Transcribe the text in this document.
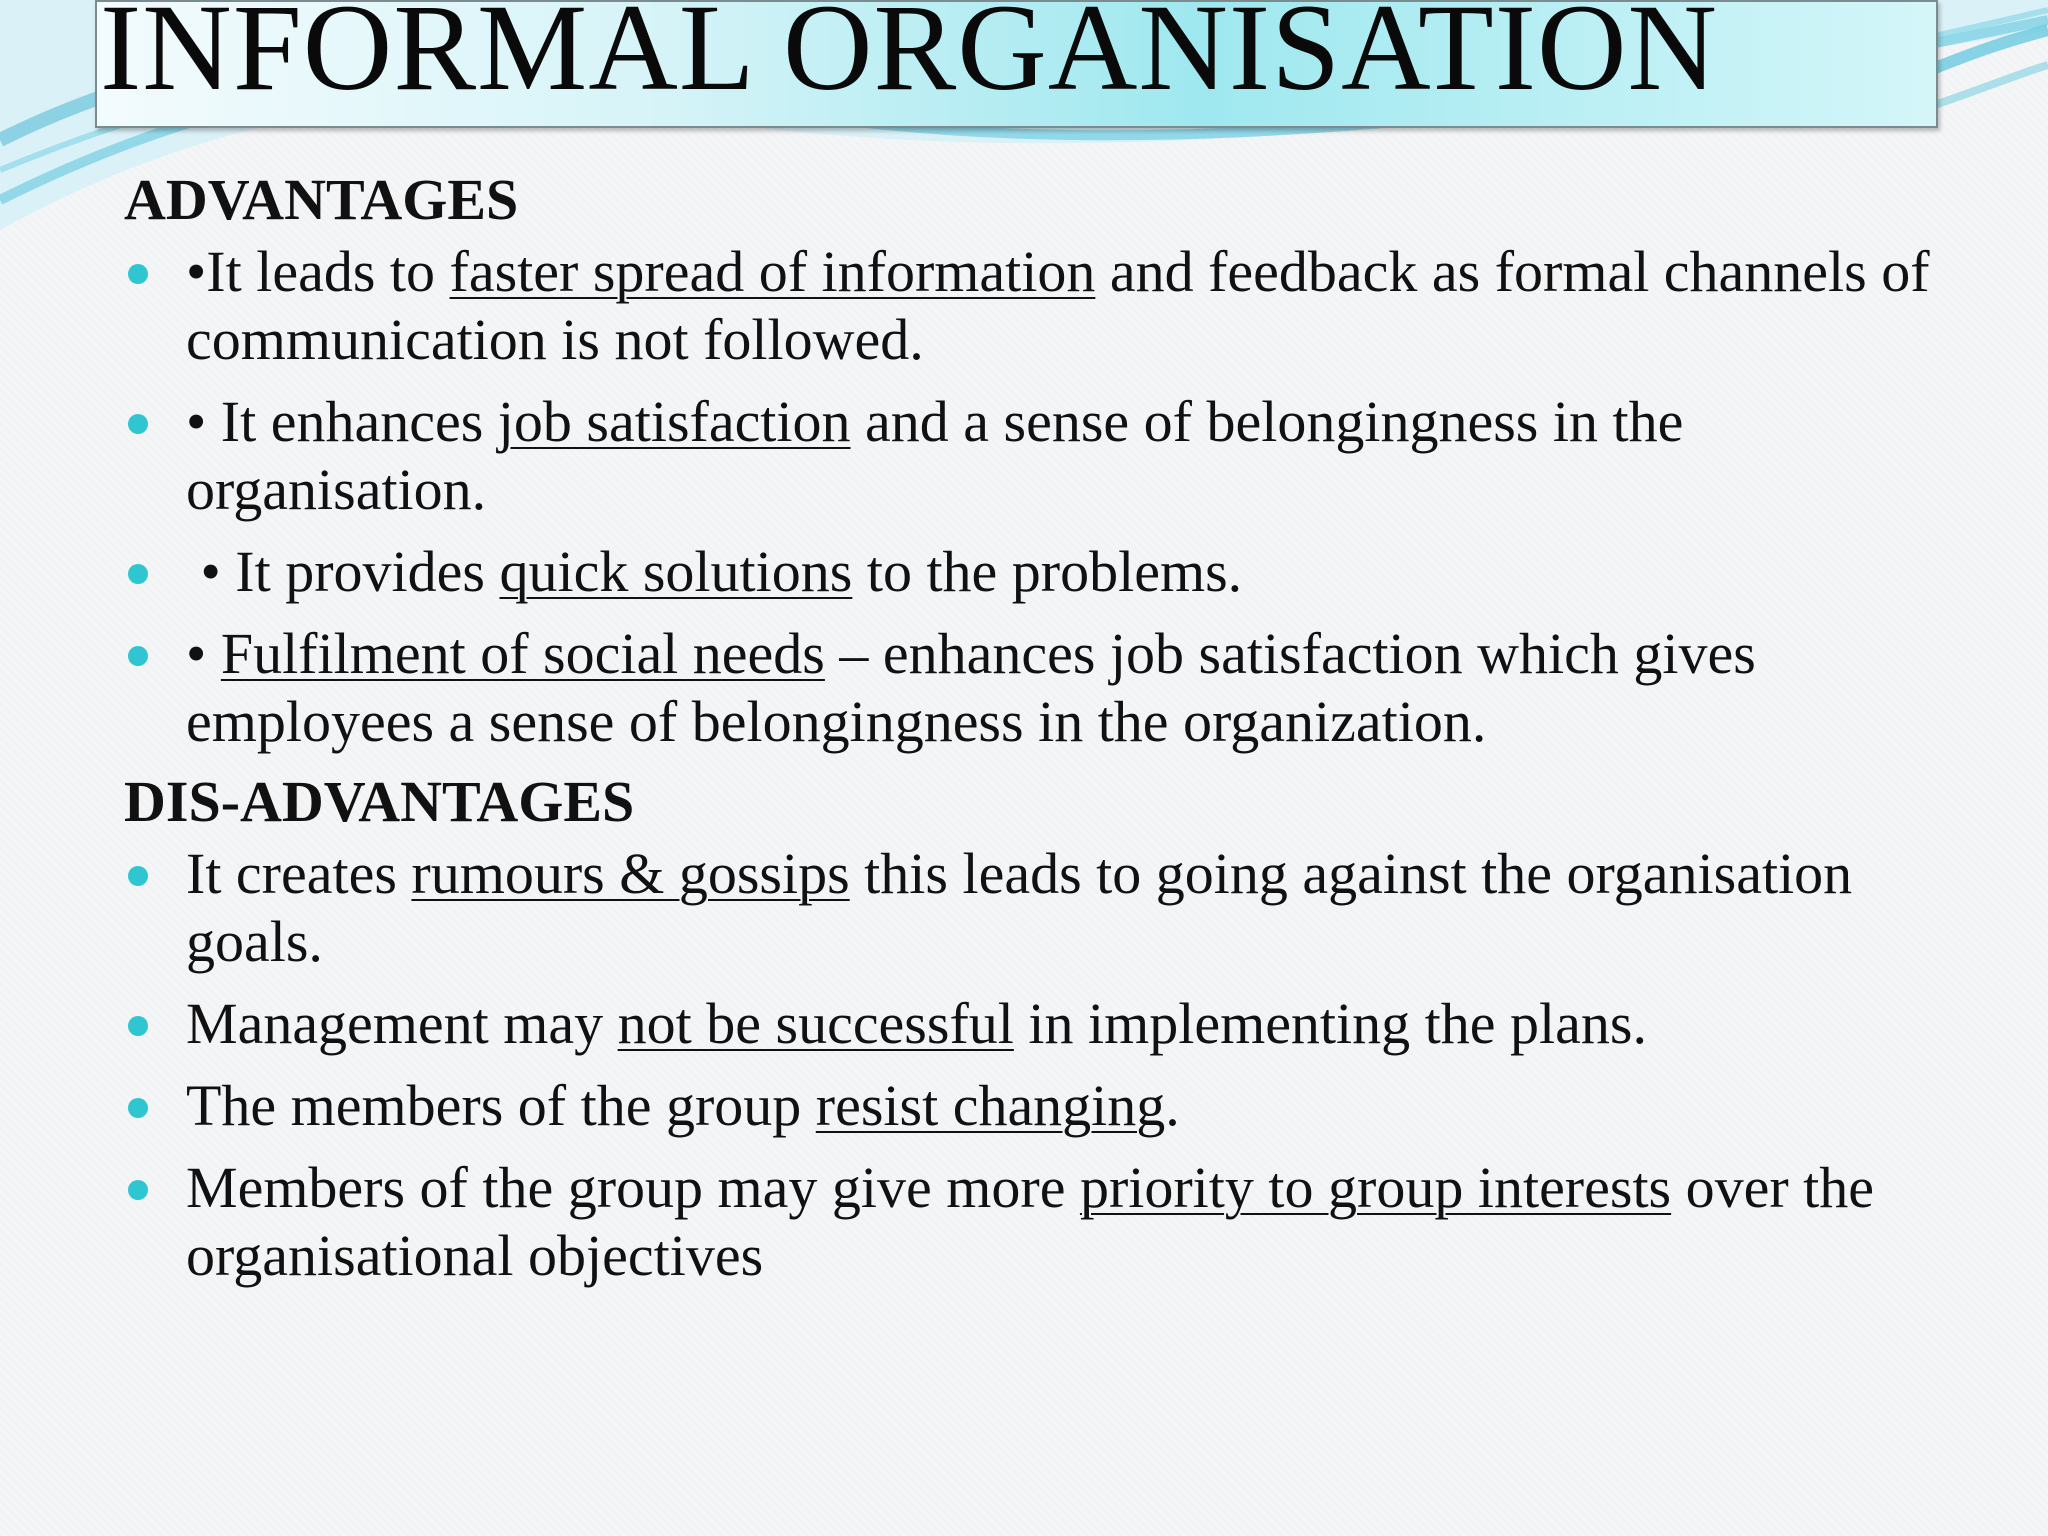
INFORMAL ORGANISATION
ADVANTAGES
•It leads to faster spread of information and feedback as formal channels of communication is not followed.
• It enhances job satisfaction and a sense of belongingness in the organisation.
• It provides quick solutions to the problems.
• Fulfilment of social needs – enhances job satisfaction which gives employees a sense of belongingness in the organization.
DIS-ADVANTAGES
It creates rumours & gossips this leads to going against the organisation goals.
Management may not be successful in implementing the plans.
The members of the group resist changing.
Members of the group may give more priority to group interests over the organisational objectives
